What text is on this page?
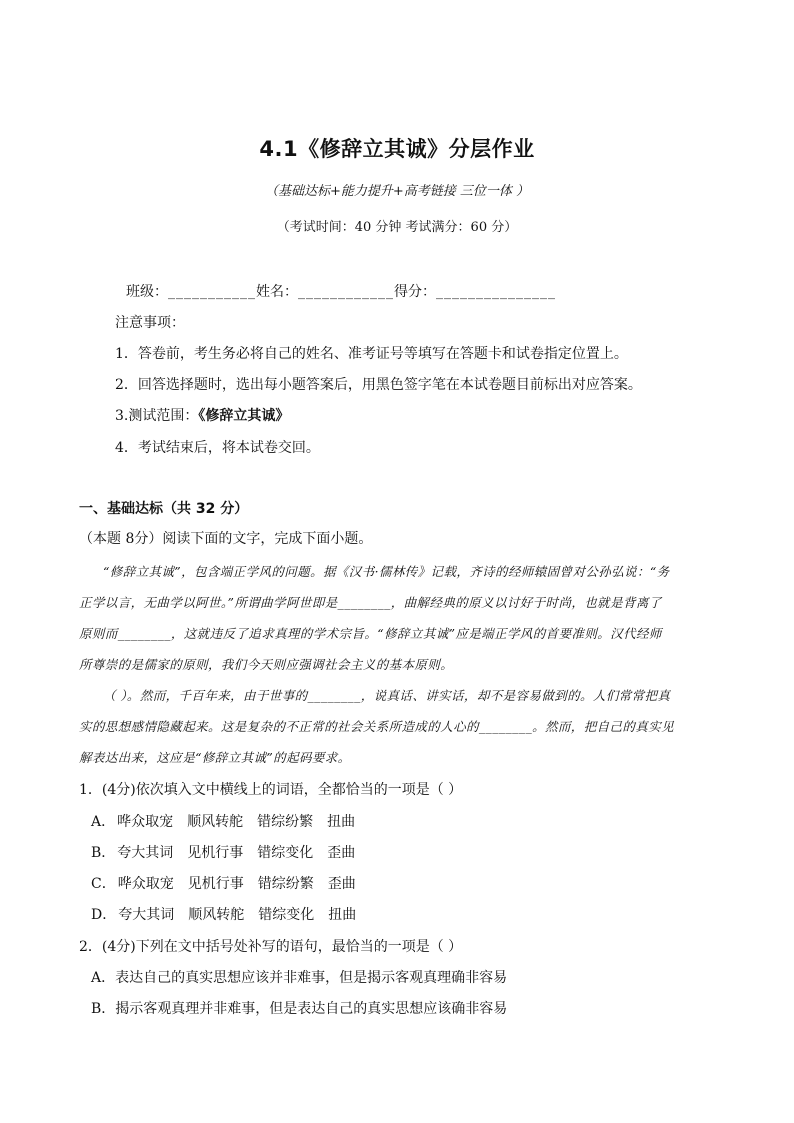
4.1《修辞立其诚》分层作业
（基础达标+能力提升+高考链接 三位一体 ）
（考试时间：40 分钟 考试满分：60 分）
班级：___________姓名：____________得分：_______________
注意事项：
1．答卷前，考生务必将自己的姓名、准考证号等填写在答题卡和试卷指定位置上。
2．回答选择题时，选出每小题答案后，用黑色签字笔在本试卷题目前标出对应答案。
3.测试范围：《修辞立其诚》
4．考试结束后，将本试卷交回。
一、基础达标（共 32 分）
（本题 8分）阅读下面的文字，完成下面小题。
“修辞立其诚”，包含端正学风的问题。据《汉书·儒林传》记载，齐诗的经师辕固曾对公孙弘说：“务
正学以言，无曲学以阿世。”所谓曲学阿世即是________，曲解经典的原义以讨好于时尚，也就是背离了
原则而________，这就违反了追求真理的学术宗旨。“修辞立其诚”应是端正学风的首要准则。汉代经师
所尊崇的是儒家的原则，我们今天则应强调社会主义的基本原则。
（ ）。然而，千百年来，由于世事的________，说真话、讲实话，却不是容易做到的。人们常常把真
实的思想感情隐藏起来。这是复杂的不正常的社会关系所造成的人心的________。然而，把自己的真实见
解表达出来，这应是“修辞立其诚”的起码要求。
1．(4分)依次填入文中横线上的词语，全都恰当的一项是（ ）
A． 哗众取宠 顺风转舵 错综纷繁 扭曲
B． 夸大其词 见机行事 错综变化 歪曲
C． 哗众取宠 见机行事 错综纷繁 歪曲
D． 夸大其词 顺风转舵 错综变化 扭曲
2．(4分)下列在文中括号处补写的语句，最恰当的一项是（ ）
A．表达自己的真实思想应该并非难事，但是揭示客观真理确非容易
B．揭示客观真理并非难事，但是表达自己的真实思想应该确非容易
